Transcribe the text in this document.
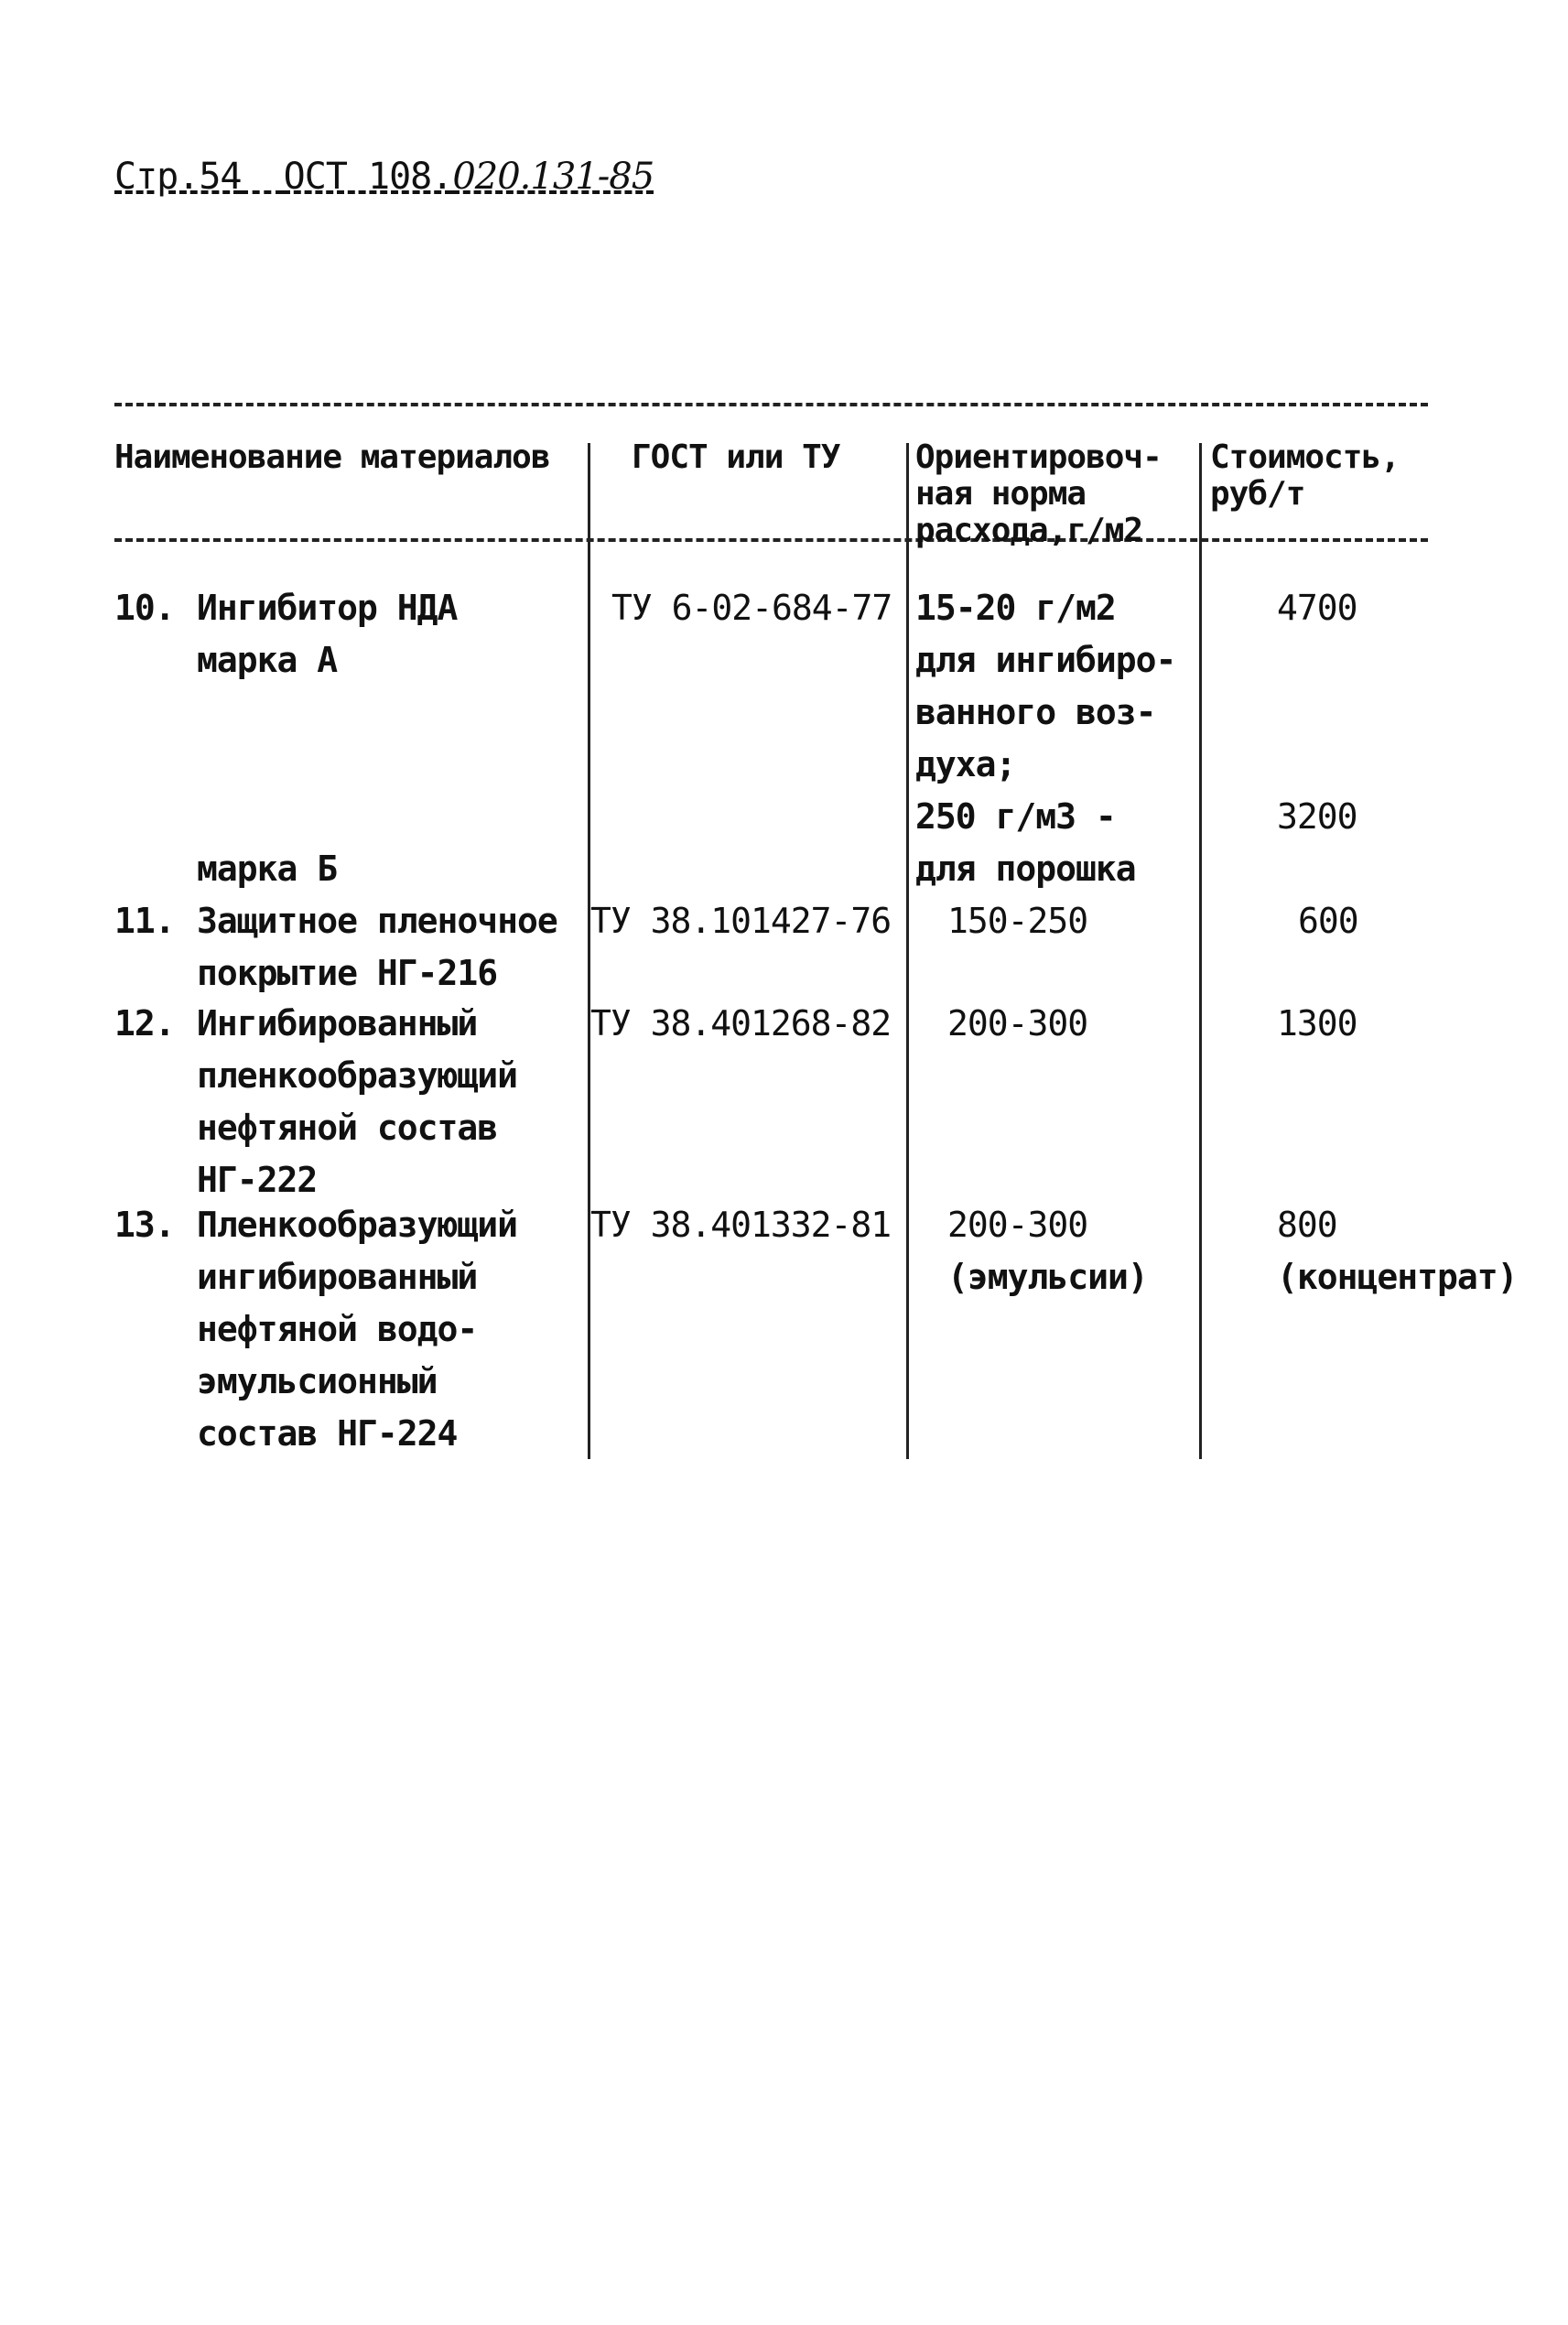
Стр.54 ОСТ 108.020.131-85
Наименование материалов ГОСТ или ТУ Ориентировоч-
ная норма
расхода,г/м2
Стоимость,
руб/т
10. Ингибитор НДА
марка А

марка Б
ТУ 6-02-684-77 15-20 г/м2
для ингибиро-
ванного воз-
духа;
250 г/м3 -
для порошка
4700
3200
11. Защитное пленочное
покрытие НГ-216
ТУ 38.101427-76 150-250	600
12. Ингибированный
пленкообразующий
нефтяной состав
НГ-222
ТУ 38.401268-82 200-300	1300
13. Пленкообразующий
ингибированный
нефтяной водо-
эмульсионный
состав НГ-224
ТУ 38.401332-81 200-300
(эмульсии)
800
(концентрат)
